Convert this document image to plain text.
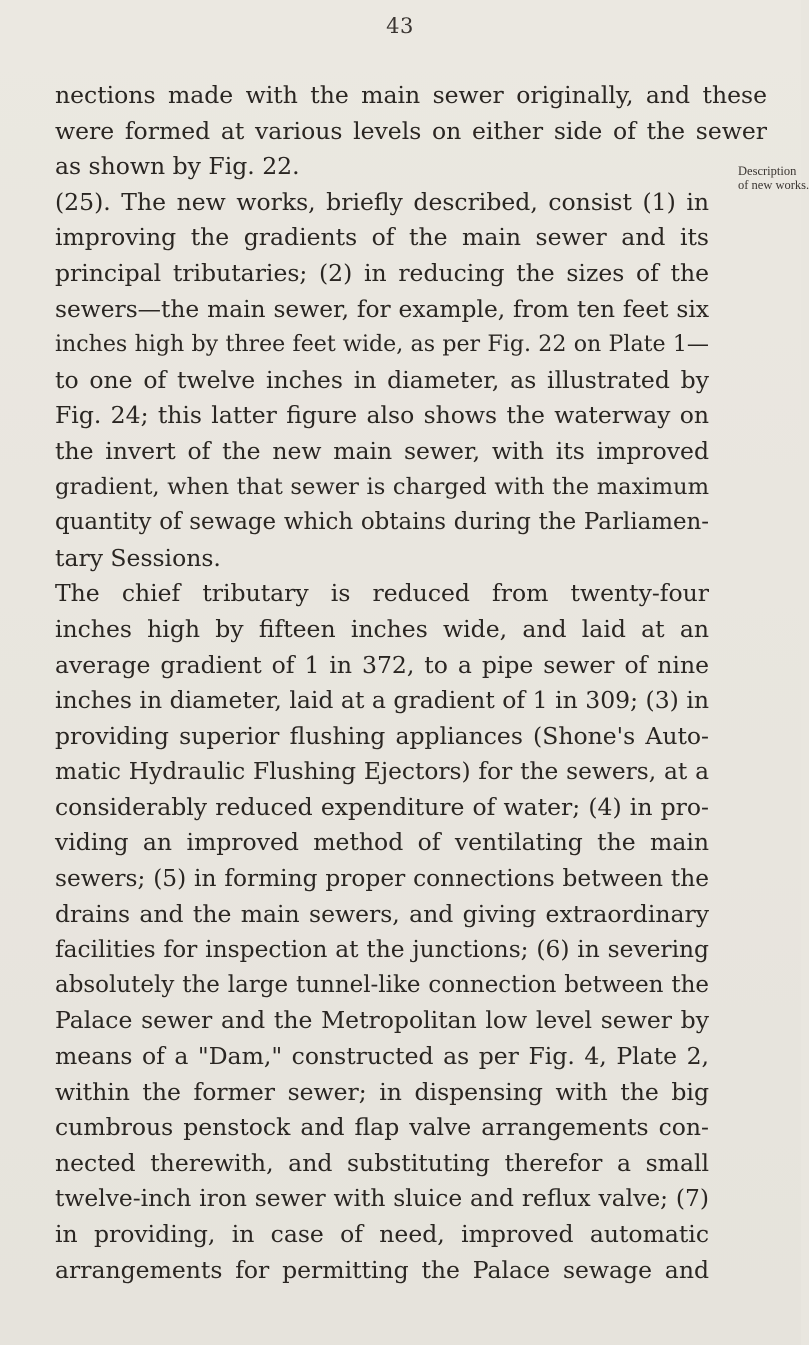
43
Description
of new works.
nections made with the main sewer originally, and these
were formed at various levels on either side of the sewer
as shown by Fig. 22.
(25). The new works, briefly described, consist (1) in
improving the gradients of the main sewer and its
principal tributaries; (2) in reducing the sizes of the
sewers—the main sewer, for example, from ten feet six
inches high by three feet wide, as per Fig. 22 on Plate 1—
to one of twelve inches in diameter, as illustrated by
Fig. 24; this latter figure also shows the waterway on
the invert of the new main sewer, with its improved
gradient, when that sewer is charged with the maximum
quantity of sewage which obtains during the Parliamen-
tary Sessions.
The chief tributary is reduced from twenty-four
inches high by fifteen inches wide, and laid at an
average gradient of 1 in 372, to a pipe sewer of nine
inches in diameter, laid at a gradient of 1 in 309; (3) in
providing superior flushing appliances (Shone's Auto-
matic Hydraulic Flushing Ejectors) for the sewers, at a
considerably reduced expenditure of water; (4) in pro-
viding an improved method of ventilating the main
sewers; (5) in forming proper connections between the
drains and the main sewers, and giving extraordinary
facilities for inspection at the junctions; (6) in severing
absolutely the large tunnel-like connection between the
Palace sewer and the Metropolitan low level sewer by
means of a "Dam," constructed as per Fig. 4, Plate 2,
within the former sewer; in dispensing with the big
cumbrous penstock and flap valve arrangements con-
nected therewith, and substituting therefor a small
twelve-inch iron sewer with sluice and reflux valve; (7)
in providing, in case of need, improved automatic
arrangements for permitting the Palace sewage and
